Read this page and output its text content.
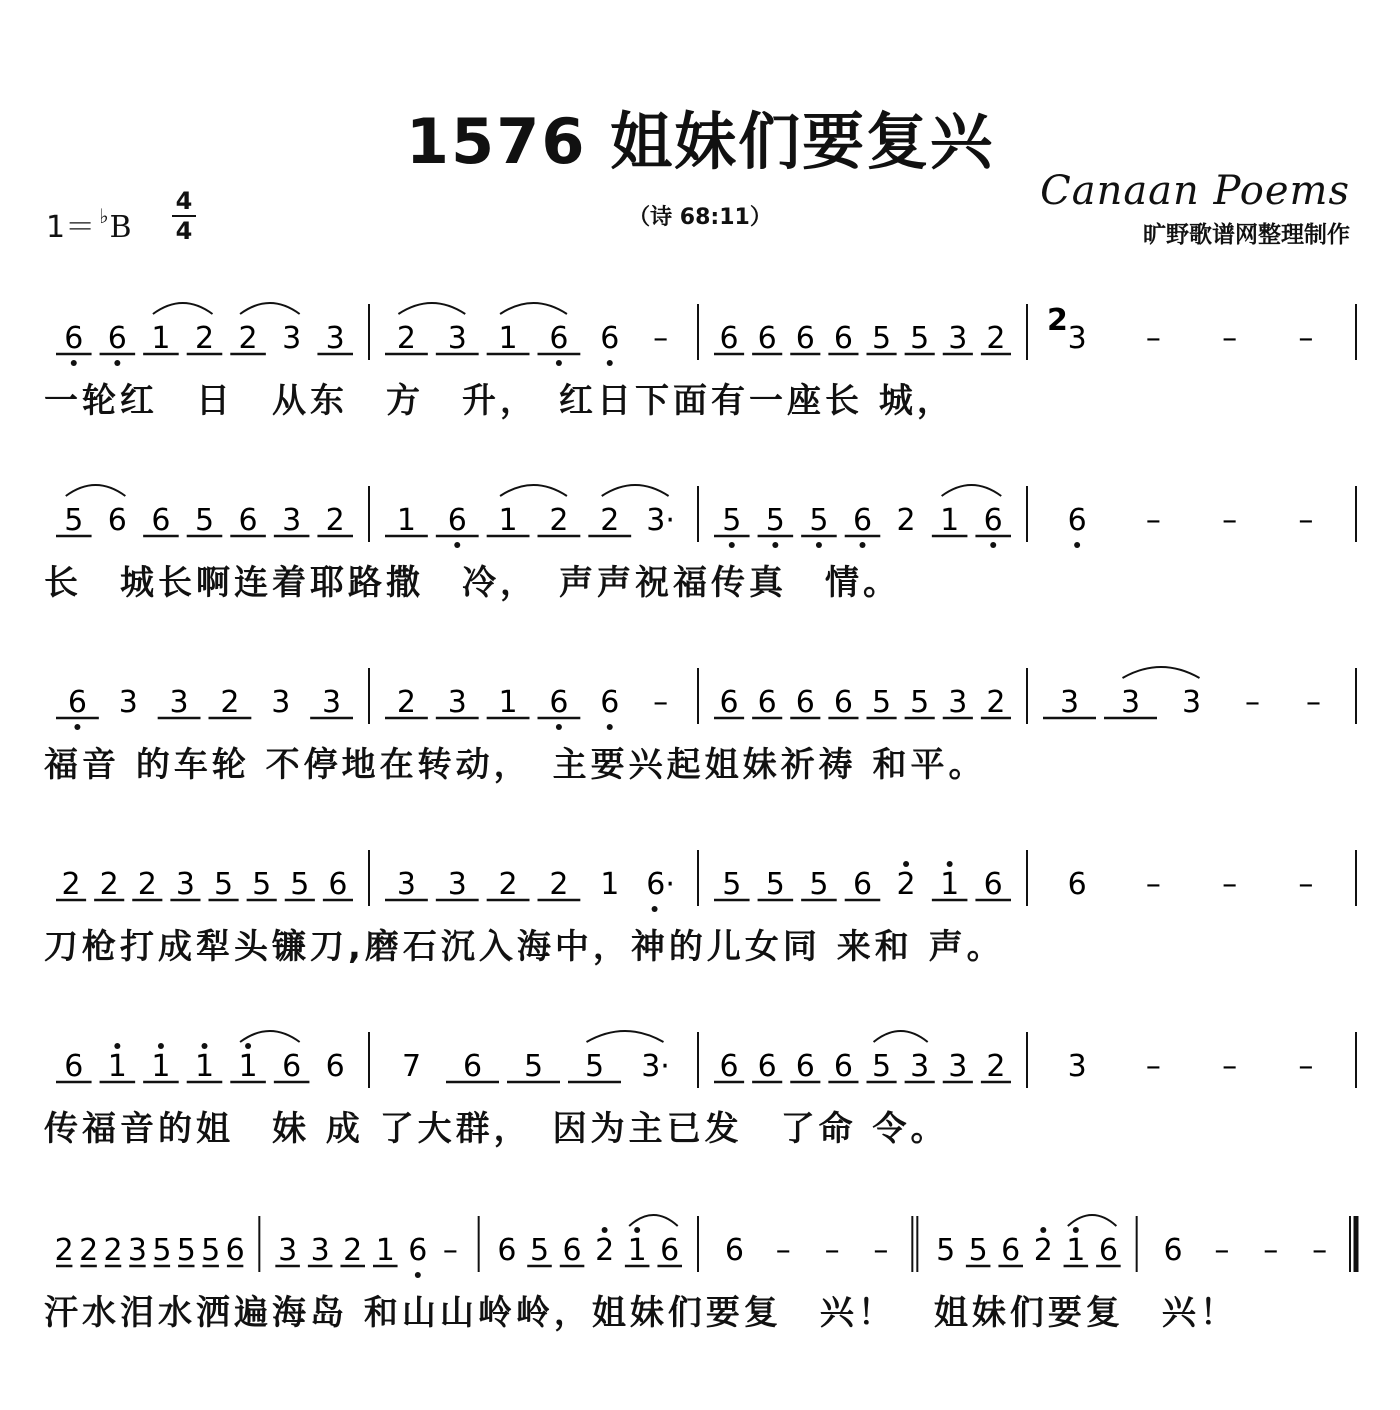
1576 姐妹们要复兴
1＝ ♭B
4
4	（诗 68:11）
Canaan Poems
旷野歌谱网整理制作
6 6 1 2 2 3 3 2 3 1 6 6 – 6 6 6 6 5 5 3 2 3 – – –
2
一轮红　日　从东　方　升，　红日下面有一座长 城，
5 6 6 5 6 3 2 1 6 1 2 2 3· 5 5 5 6 2 1 6 6 – – –
长　城长啊连着耶路撒　冷，　声声祝福传真　情。
6 3 3 2 3 3 2 3 1 6 6 – 6 6 6 6 5 5 3 2 3 3 3 – –
福音 的车轮 不停地在转动，　主要兴起姐妹祈祷 和平。
2 2 2 3 5 5 5 6 3 3 2 2 1 6· 5 5 5 6 2 1 6 6 – – –
刀枪打成犁头镰刀,磨石沉入海中，神的儿女同 来和 声。
6 1 1 1 1 6 6 7 6 5 5 3· 6 6 6 6 5 3 3 2 3 – – –
传福音的姐　妹 成 了大群，　因为主已发　了命 令。
2 2 2 3 5 5 5 6 3 3 2 1 6 – 6 5 6 2 1 6 6 – – – 5 5 6 2 1 6 6 – – –
汗水泪水洒遍海岛 和山山岭岭，姐妹们要复　兴！　姐妹们要复　兴！
